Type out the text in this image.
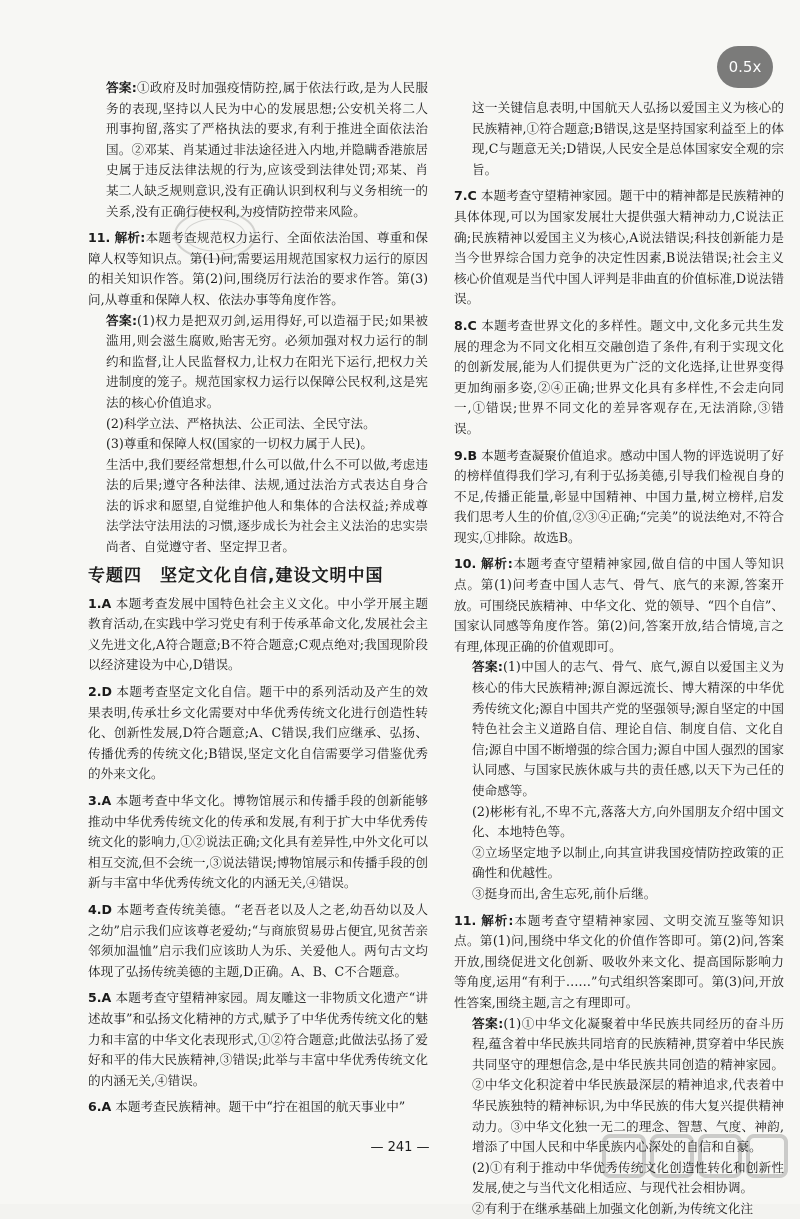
答案:①政府及时加强疫情防控,属于依法行政,是为人民服务的表现,坚持以人民为中心的发展思想;公安机关将二人刑事拘留,落实了严格执法的要求,有利于推进全面依法治国。②邓某、肖某通过非法途径进入内地,并隐瞒香港旅居史属于违反法律法规的行为,应该受到法律处罚;邓某、肖某二人缺乏规则意识,没有正确认识到权利与义务相统一的关系,没有正确行使权利,为疫情防控带来风险。

11. 解析:本题考查规范权力运行、全面依法治国、尊重和保障人权等知识点。第(1)问,需要运用规范国家权力运行的原因的相关知识作答。第(2)问,围绕厉行法治的要求作答。第(3)问,从尊重和保障人权、依法办事等角度作答。

答案:(1)权力是把双刃剑,运用得好,可以造福于民;如果被滥用,则会滋生腐败,贻害无穷。必须加强对权力运行的制约和监督,让人民监督权力,让权力在阳光下运行,把权力关进制度的笼子。规范国家权力运行以保障公民权利,这是宪法的核心价值追求。

(2)科学立法、严格执法、公正司法、全民守法。

(3)尊重和保障人权(国家的一切权力属于人民)。

生活中,我们要经常想想,什么可以做,什么不可以做,考虑违法的后果;遵守各种法律、法规,通过法治方式表达自身合法的诉求和愿望,自觉维护他人和集体的合法权益;养成尊法学法守法用法的习惯,逐步成长为社会主义法治的忠实崇尚者、自觉遵守者、坚定捍卫者。

专题四　坚定文化自信,建设文明中国

1.A 本题考查发展中国特色社会主义文化。中小学开展主题教育活动,在实践中学习党史有利于传承革命文化,发展社会主义先进文化,A符合题意;B不符合题意;C观点绝对;我国现阶段以经济建设为中心,D错误。

2.D 本题考查坚定文化自信。题干中的系列活动及产生的效果表明,传承壮乡文化需要对中华优秀传统文化进行创造性转化、创新性发展,D符合题意;A、C错误,我们应继承、弘扬、传播优秀的传统文化;B错误,坚定文化自信需要学习借鉴优秀的外来文化。

3.A 本题考查中华文化。博物馆展示和传播手段的创新能够推动中华优秀传统文化的传承和发展,有利于扩大中华优秀传统文化的影响力,①②说法正确;文化具有差异性,中外文化可以相互交流,但不会统一,③说法错误;博物馆展示和传播手段的创新与丰富中华优秀传统文化的内涵无关,④错误。

4.D 本题考查传统美德。“老吾老以及人之老,幼吾幼以及人之幼”启示我们应该尊老爱幼;“与商旅贸易毋占便宜,见贫苦亲邻须加温恤”启示我们应该助人为乐、关爱他人。两句古文均体现了弘扬传统美德的主题,D正确。A、B、C不合题意。

5.A 本题考查守望精神家园。周友雕这一非物质文化遗产“讲述故事”和弘扬文化精神的方式,赋予了中华优秀传统文化的魅力和丰富的中华文化表现形式,①②符合题意;此做法弘扬了爱好和平的伟大民族精神,③错误;此举与丰富中华优秀传统文化的内涵无关,④错误。

6.A 本题考查民族精神。题干中“拧在祖国的航天事业中”

这一关键信息表明,中国航天人弘扬以爱国主义为核心的民族精神,①符合题意;B错误,这是坚持国家利益至上的体现,C与题意无关;D错误,人民安全是总体国家安全观的宗旨。

7.C 本题考查守望精神家园。题干中的精神都是民族精神的具体体现,可以为国家发展壮大提供强大精神动力,C说法正确;民族精神以爱国主义为核心,A说法错误;科技创新能力是当今世界综合国力竞争的决定性因素,B说法错误;社会主义核心价值观是当代中国人评判是非曲直的价值标准,D说法错误。

8.C 本题考查世界文化的多样性。题文中,文化多元共生发展的理念为不同文化相互交融创造了条件,有利于实现文化的创新发展,能为人们提供更为广泛的文化选择,让世界变得更加绚丽多姿,②④正确;世界文化具有多样性,不会走向同一,①错误;世界不同文化的差异客观存在,无法消除,③错误。

9.B 本题考查凝聚价值追求。感动中国人物的评选说明了好的榜样值得我们学习,有利于弘扬美德,引导我们检视自身的不足,传播正能量,彰显中国精神、中国力量,树立榜样,启发我们思考人生的价值,②③④正确;“完美”的说法绝对,不符合现实,①排除。故选B。

10. 解析:本题考查守望精神家园,做自信的中国人等知识点。第(1)问考查中国人志气、骨气、底气的来源,答案开放。可围绕民族精神、中华文化、党的领导、“四个自信”、国家认同感等角度作答。第(2)问,答案开放,结合情境,言之有理,体现正确的价值观即可。

答案:(1)中国人的志气、骨气、底气,源自以爱国主义为核心的伟大民族精神;源自源远流长、博大精深的中华优秀传统文化;源自中国共产党的坚强领导;源自坚定的中国特色社会主义道路自信、理论自信、制度自信、文化自信;源自中国不断增强的综合国力;源自中国人强烈的国家认同感、与国家民族休戚与共的责任感,以天下为己任的使命感等。

(2)彬彬有礼,不卑不亢,落落大方,向外国朋友介绍中国文化、本地特色等。

②立场坚定地予以制止,向其宣讲我国疫情防控政策的正确性和优越性。

③挺身而出,舍生忘死,前仆后继。

11. 解析:本题考查守望精神家园、文明交流互鉴等知识点。第(1)问,围绕中华文化的价值作答即可。第(2)问,答案开放,围绕促进文化创新、吸收外来文化、提高国际影响力等角度,运用“有利于……”句式组织答案即可。第(3)问,开放性答案,围绕主题,言之有理即可。

答案:(1)①中华文化凝聚着中华民族共同经历的奋斗历程,蕴含着中华民族共同培育的民族精神,贯穿着中华民族共同坚守的理想信念,是中华民族共同创造的精神家园。②中华文化积淀着中华民族最深层的精神追求,代表着中华民族独特的精神标识,为中华民族的伟大复兴提供精神动力。③中华文化独一无二的理念、智慧、气度、神韵,增添了中国人民和中华民族内心深处的自信和自豪。

(2)①有利于推动中华优秀传统文化创造性转化和创新性发展,使之与当代文化相适应、与现代社会相协调。

②有利于在继承基础上加强文化创新,为传统文化注

— 241 —
0.5x
